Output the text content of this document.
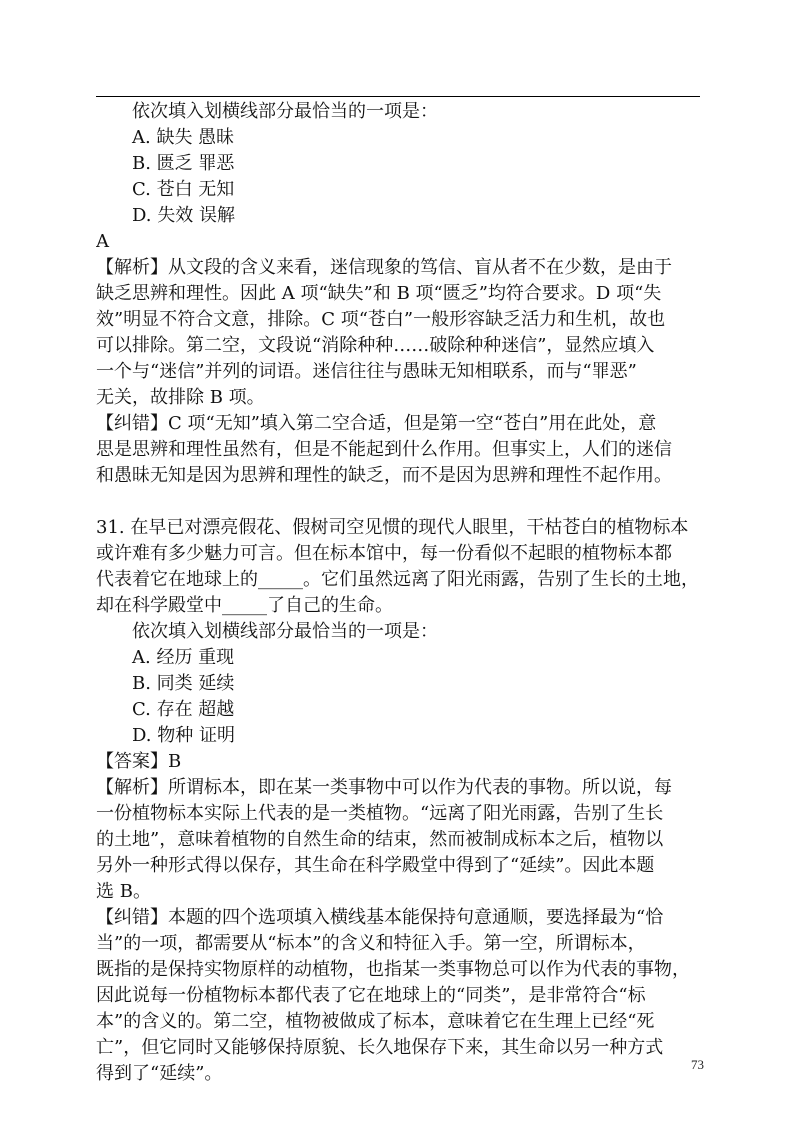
依次填入划横线部分最恰当的一项是：
A. 缺失 愚昧
B. 匮乏 罪恶
C. 苍白 无知
D. 失效 误解
A
【解析】从文段的含义来看，迷信现象的笃信、盲从者不在少数，是由于
缺乏思辨和理性。因此 A 项“缺失”和 B 项“匮乏”均符合要求。D 项“失
效”明显不符合文意，排除。C 项“苍白”一般形容缺乏活力和生机，故也
可以排除。第二空，文段说“消除种种……破除种种迷信”，显然应填入
一个与“迷信”并列的词语。迷信往往与愚昧无知相联系，而与“罪恶”
无关，故排除 B 项。
【纠错】C 项“无知”填入第二空合适，但是第一空“苍白”用在此处，意
思是思辨和理性虽然有，但是不能起到什么作用。但事实上，人们的迷信
和愚昧无知是因为思辨和理性的缺乏，而不是因为思辨和理性不起作用。
31. 在早已对漂亮假花、假树司空见惯的现代人眼里，干枯苍白的植物标本
或许难有多少魅力可言。但在标本馆中，每一份看似不起眼的植物标本都
代表着它在地球上的_____。它们虽然远离了阳光雨露，告别了生长的土地，
却在科学殿堂中_____了自己的生命。
依次填入划横线部分最恰当的一项是：
A. 经历 重现
B. 同类 延续
C. 存在 超越
D. 物种 证明
【答案】B
【解析】所谓标本，即在某一类事物中可以作为代表的事物。所以说，每
一份植物标本实际上代表的是一类植物。“远离了阳光雨露，告别了生长
的土地”，意味着植物的自然生命的结束，然而被制成标本之后，植物以
另外一种形式得以保存，其生命在科学殿堂中得到了“延续”。因此本题
选 B。
【纠错】本题的四个选项填入横线基本能保持句意通顺，要选择最为“恰
当”的一项，都需要从“标本”的含义和特征入手。第一空，所谓标本，
既指的是保持实物原样的动植物，也指某一类事物总可以作为代表的事物，
因此说每一份植物标本都代表了它在地球上的“同类”，是非常符合“标
本”的含义的。第二空，植物被做成了标本，意味着它在生理上已经“死
亡”，但它同时又能够保持原貌、长久地保存下来，其生命以另一种方式
得到了“延续”。	73
